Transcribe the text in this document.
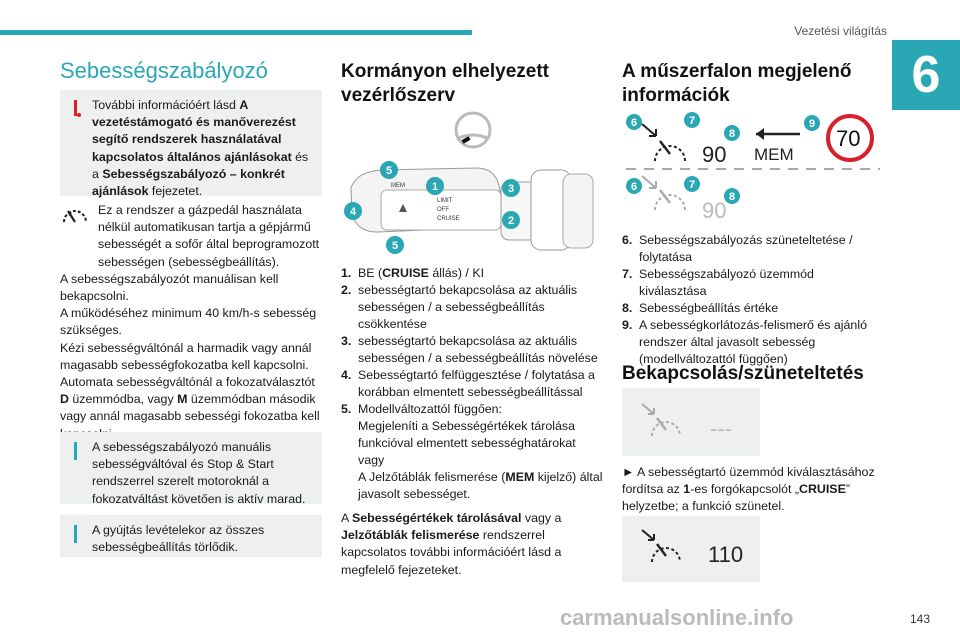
Vezetési világítás
6
Sebességszabályozó
További információért lásd A vezetéstámogató és manőverezést segítő rendszerek használatával kapcsolatos általános ajánlásokat és a Sebességszabályozó – konkrét ajánlások fejezetet.
Ez a rendszer a gázpedál használata nélkül automatikusan tartja a gépjármű sebességét a sofőr által beprogramozott sebességen (sebességbeállítás).
A sebességszabályozót manuálisan kell bekapcsolni.
A működéséhez minimum 40 km/h-s sebesség szükséges.
Kézi sebességváltónál a harmadik vagy annál magasabb sebességfokozatba kell kapcsolni.
Automata sebességváltónál a fokozatválasztót D üzemmódba, vagy M üzemmódban második vagy annál magasabb sebességi fokozatba kell
A sebességszabályozó manuális sebességváltóval és Stop & Start rendszerrel szerelt motoroknál a fokozatváltást követően is aktív marad.
A gyújtás levételekor az összes sebességbeállítás törlődik.
Kormányon elhelyezett vezérlőszerv
MEM
LIMIT
OFF
CRUISE
1
2
3
4
5
5
1. BE (CRUISE állás) / KI
2. sebességtartó bekapcsolása az aktuális sebességen / a sebességbeállítás csökkentése
3. sebességtartó bekapcsolása az aktuális sebességen / a sebességbeállítás növelése
4. Sebességtartó felfüggesztése / folytatása a korábban elmentett sebességbeállítással
5. Modellváltozattól függően:
Megjeleníti a Sebességértékek tárolása funkcióval elmentett sebességhatárokat vagy
A Jelzőtáblák felismerése (MEM kijelző) által javasolt sebességet.
A Sebességértékek tárolásával vagy a Jelzőtáblák felismerése rendszerrel kapcsolatos további információért lásd a megfelelő fejezeteket.
A műszerfalon megjelenő információk
90 MEM
70
90
6	7
8
9
6	7
8
6. Sebességszabályozás szüneteltetése / folytatása
7. Sebességszabályozó üzemmód kiválasztása
8. Sebességbeállítás értéke
9. A sebességkorlátozás-felismerő és ajánló rendszer által javasolt sebesség (modellváltozattól függően)
Bekapcsolás/szüneteltetés
---
► A sebességtartó üzemmód kiválasztásához fordítsa az 1-es forgókapcsolót „CRUISE” helyzetbe; a funkció szünetel.
110
carmanualsonline.info	143
